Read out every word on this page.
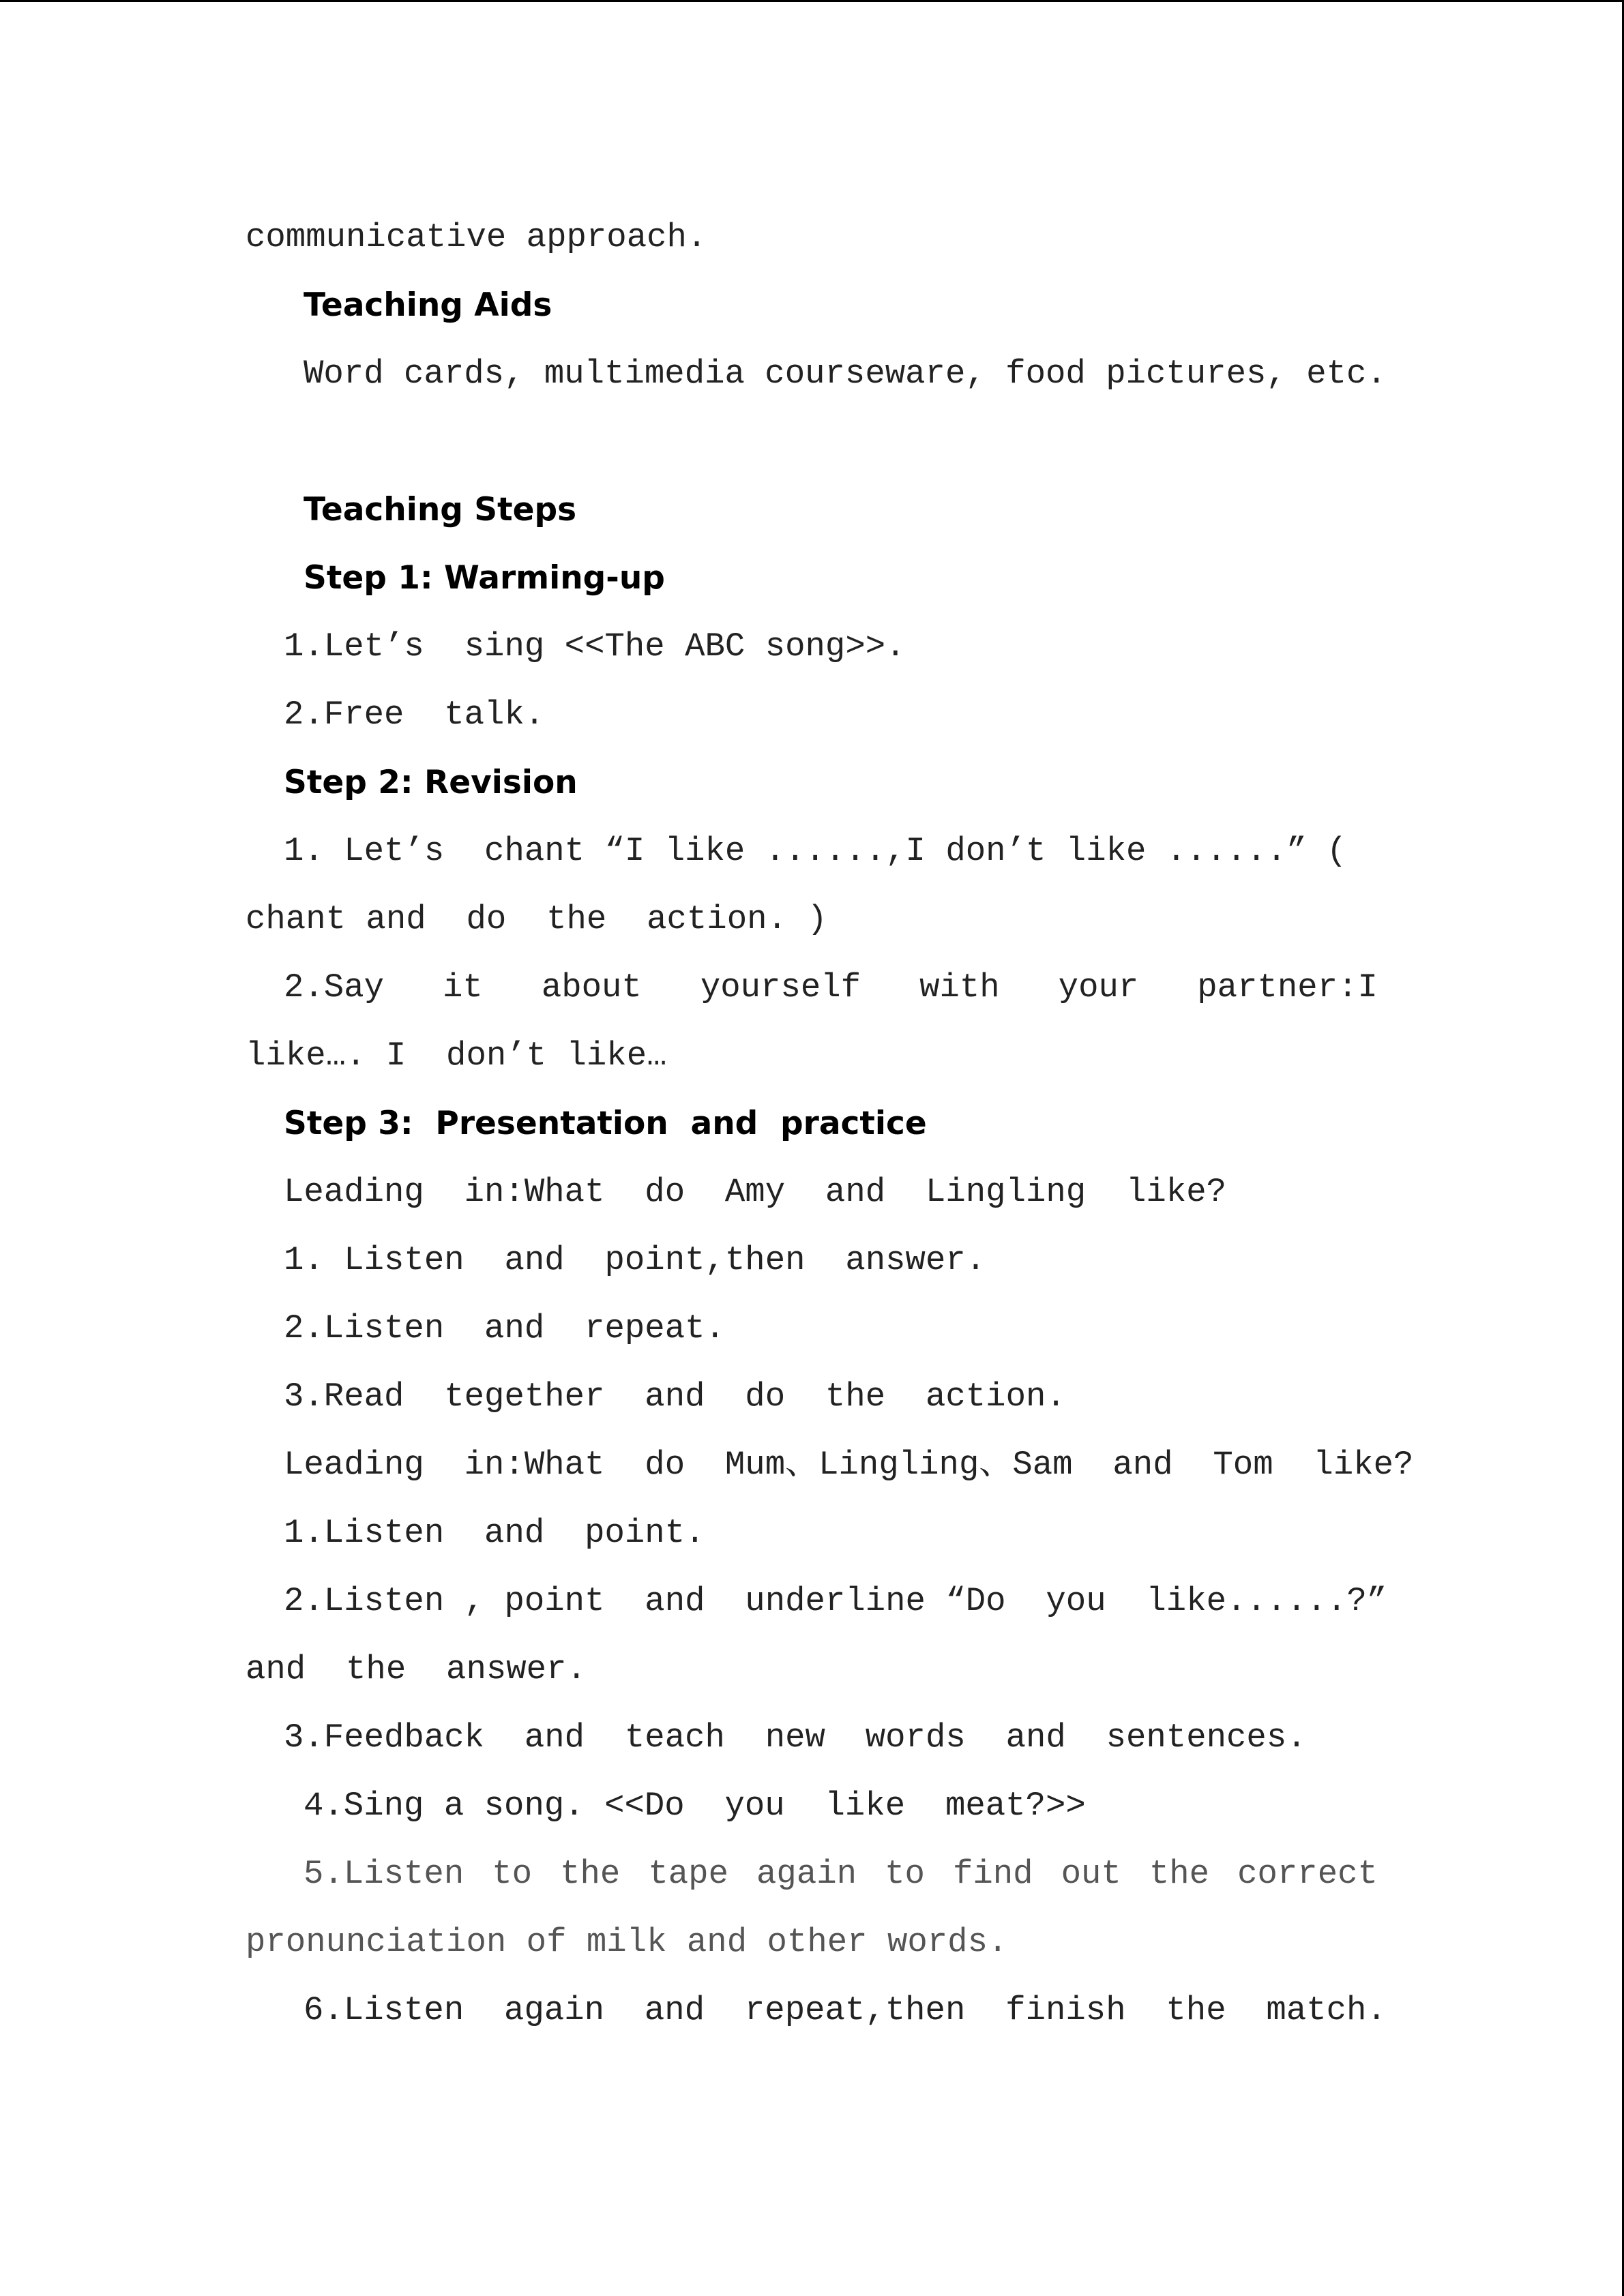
communicative approach.
Teaching Aids
Word cards, multimedia courseware, food pictures, etc.
Teaching Steps
Step 1: Warming-up
1.Let’s  sing <<The ABC song>>.
2.Free  talk.
Step 2: Revision
1. Let’s  chant “I like ......,I don’t like ......” (
chant and  do  the  action. )
2.Say it about yourself with your partner:I
like…. I  don’t like…
Step 3:  Presentation  and  practice
Leading  in:What  do  Amy  and  Lingling  like?
1. Listen  and  point,then  answer.
2.Listen  and  repeat.
3.Read  tegether  and  do  the  action.
Leading  in:What  do  Mum、Lingling、Sam  and  Tom  like?
1.Listen  and  point.
2.Listen , point  and  underline “Do  you  like......?”
and  the  answer.
3.Feedback  and  teach  new  words  and  sentences.
4.Sing a song. <<Do  you  like  meat?>>
5.Listen to the tape again to find out the correct
pronunciation of milk and other words.
6.Listen  again  and  repeat,then  finish  the  match.
